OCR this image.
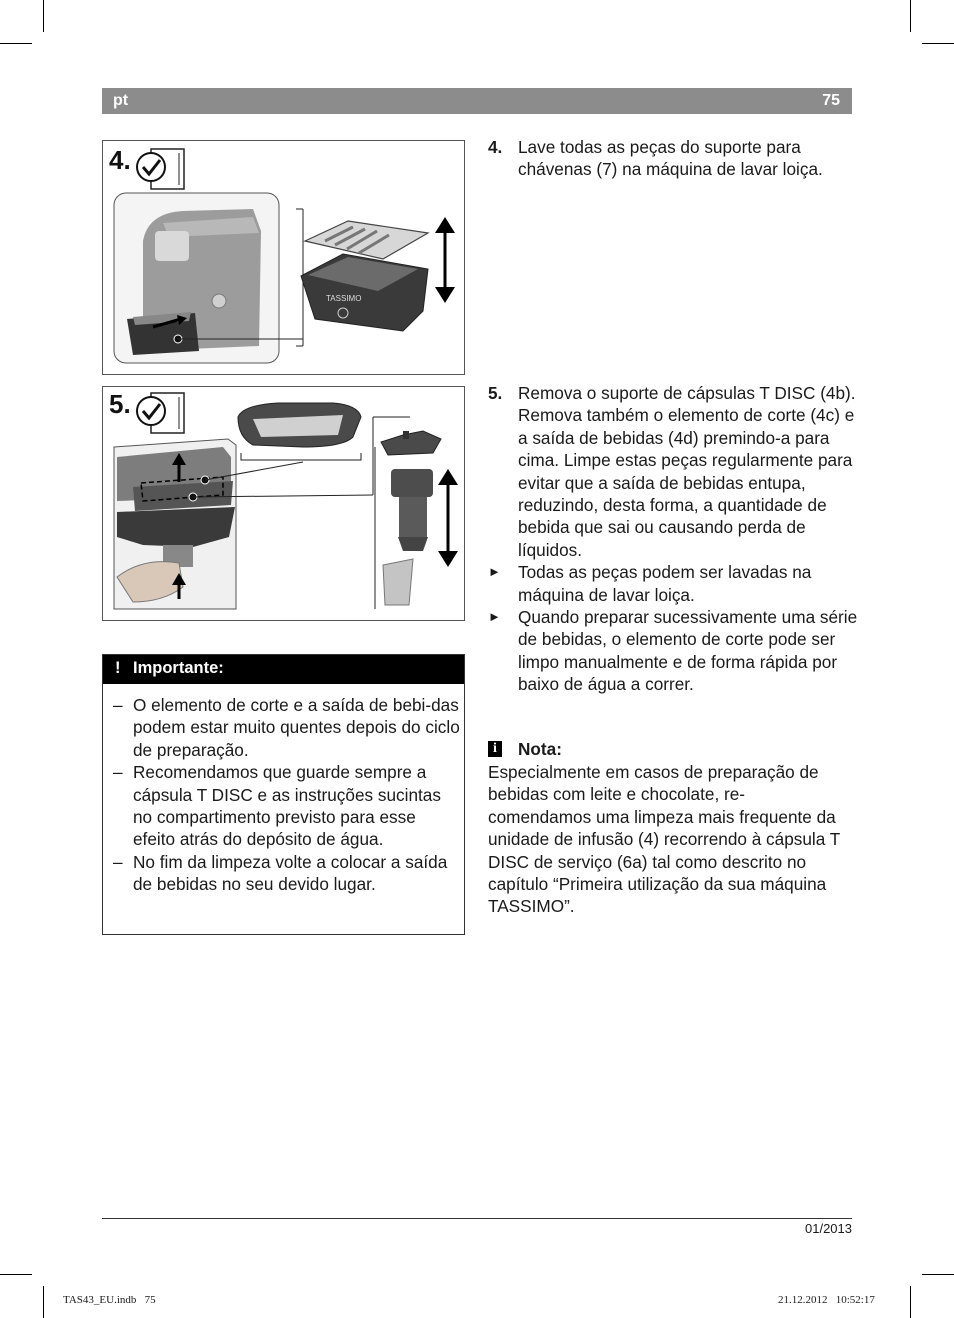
pt	75
4.
TASSIMO
5.
4. Lave todas as peças do suporte para chávenas (7) na máquina de lavar loiça.
5. Remova o suporte de cápsulas T DISC (4b). Remova também o elemento de corte (4c) e a saída de bebidas (4d) premindo-a para cima. Limpe estas peças regularmente para evitar que a saída de bebidas entupa, reduzindo, desta forma, a quantidade de bebida que sai ou causando perda de líquidos.
► Todas as peças podem ser lavadas na máquina de lavar loiça.
► Quando preparar sucessivamente uma série de bebidas, o elemento de corte pode ser limpo manualmente e de forma rápida por baixo de água a correr.
! Importante:
– O elemento de corte e a saída de bebi-das podem estar muito quentes depois do ciclo de preparação.
– Recomendamos que guarde sempre a cápsula T DISC e as instruções sucintas no compartimento previsto para esse efeito atrás do depósito de água.
– No fim da limpeza volte a colocar a saída de bebidas no seu devido lugar.
i Nota:
Especialmente em casos de preparação de bebidas com leite e chocolate, re-comendamos uma limpeza mais frequente da unidade de infusão (4) recorrendo à cápsula T DISC de serviço (6a) tal como descrito no capítulo “Primeira utilização da sua máquina TASSIMO”.
01/2013
TAS43_EU.indb   75	21.12.2012   10:52:17
